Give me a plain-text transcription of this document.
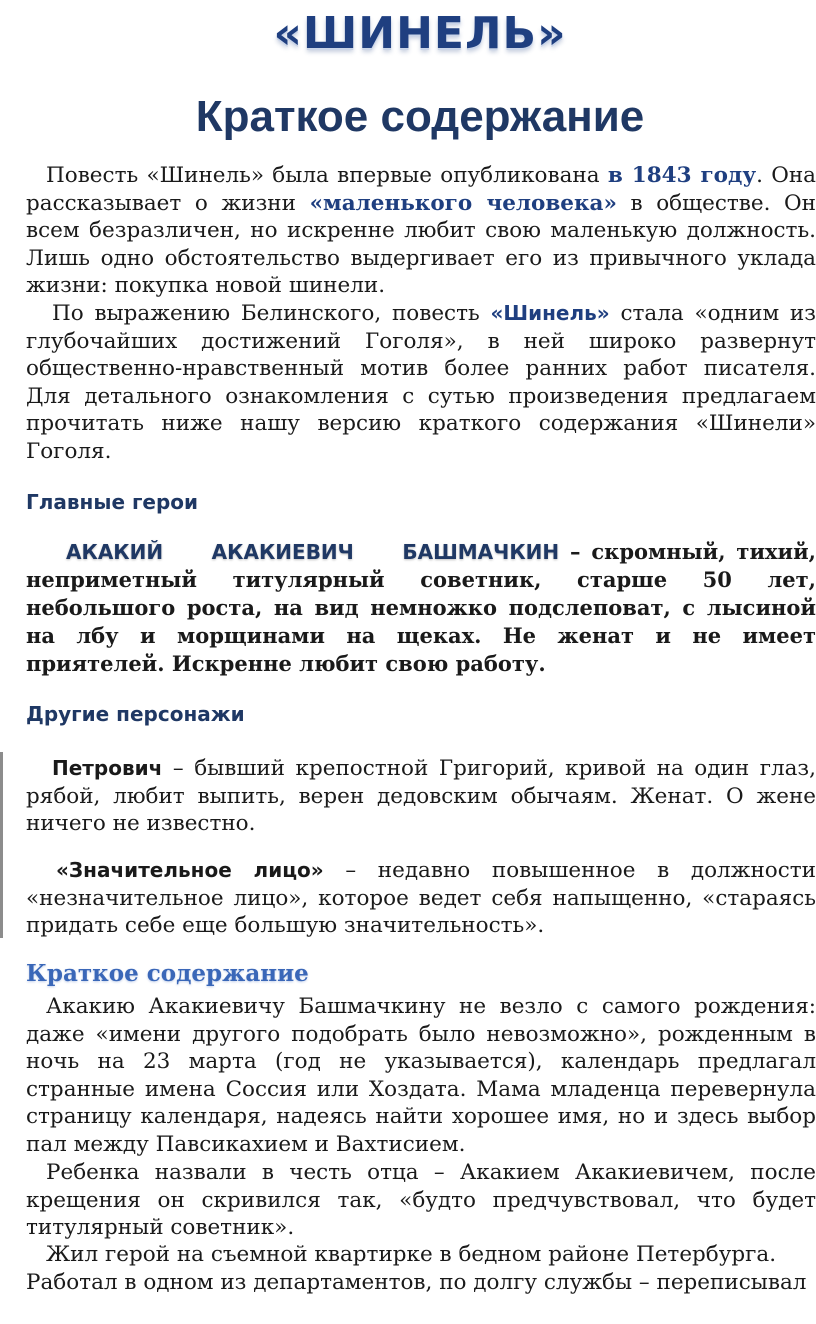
«ШИНЕЛЬ»
Краткое содержание

Повесть «Шинель» была впервые опубликована в 1843 году. Она рассказывает о жизни «маленького человека» в обществе. Он всем безразличен, но искренне любит свою маленькую должность. Лишь одно обстоятельство выдергивает его из привычного уклада жизни: покупка новой шинели.

По выражению Белинского, повесть «Шинель» стала «одним из глубочайших достижений Гоголя», в ней широко развернут общественно-нравственный мотив более ранних работ писателя. Для детального ознакомления с сутью произведения предлагаем прочитать ниже нашу версию краткого содержания «Шинели» Гоголя.

Главные герои

АКАКИЙ АКАКИЕВИЧ БАШМАЧКИН – скромный, тихий, неприметный титулярный советник, старше 50 лет, небольшого роста, на вид немножко подслеповат, с лысиной на лбу и морщинами на щеках. Не женат и не имеет приятелей. Искренне любит свою работу.

Другие персонажи

Петрович – бывший крепостной Григорий, кривой на один глаз, рябой, любит выпить, верен дедовским обычаям. Женат. О жене ничего не известно.

«Значительное лицо» – недавно повышенное в должности «незначительное лицо», которое ведет себя напыщенно, «стараясь придать себе еще большую значительность».

Краткое содержание

Акакию Акакиевичу Башмачкину не везло с самого рождения: даже «имени другого подобрать было невозможно», рожденным в ночь на 23 марта (год не указывается), календарь предлагал странные имена Соссия или Хоздата. Мама младенца перевернула страницу календаря, надеясь найти хорошее имя, но и здесь выбор пал между Павсикахием и Вахтисием.

Ребенка назвали в честь отца – Акакием Акакиевичем, после крещения он скривился так, «будто предчувствовал, что будет титулярный советник».

Жил герой на съемной квартирке в бедном районе Петербурга.

Работал в одном из департаментов, по долгу службы – переписывал
